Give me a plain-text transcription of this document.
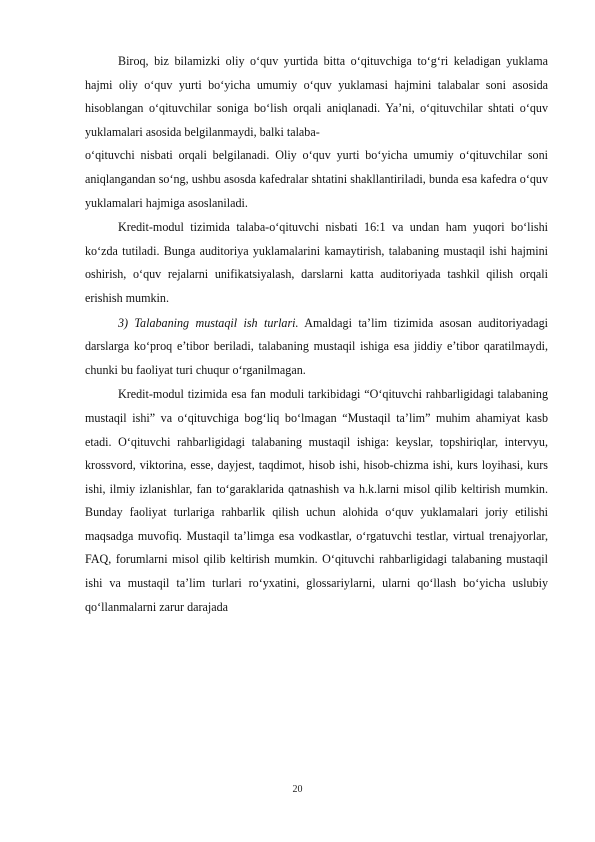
Biroq, biz bilamizki oliy o‘quv yurtida bitta o‘qituvchiga to‘g‘ri keladigan yuklama hajmi oliy o‘quv yurti bo‘yicha umumiy o‘quv yuklamasi hajmini talabalar soni asosida hisoblangan o‘qituvchilar soniga bo‘lish orqali aniqlanadi. Ya’ni, o‘qituvchilar shtati o‘quv yuklamalari asosida belgilanmaydi, balki talaba-

o‘qituvchi nisbati orqali belgilanadi. Oliy o‘quv yurti bo‘yicha umumiy o‘qituvchilar soni aniqlangandan so‘ng, ushbu asosda kafedralar shtatini shakllantiriladi, bunda esa kafedra o‘quv yuklamalari hajmiga asoslaniladi.

Kredit-modul tizimida talaba-o‘qituvchi nisbati 16:1 va undan ham yuqori bo‘lishi ko‘zda tutiladi. Bunga auditoriya yuklamalarini kamaytirish, talabaning mustaqil ishi hajmini oshirish, o‘quv rejalarni unifikatsiyalash, darslarni katta auditoriyada tashkil qilish orqali erishish mumkin.

3) Talabaning mustaqil ish turlari. Amaldagi ta’lim tizimida asosan auditoriyadagi darslarga ko‘proq e’tibor beriladi, talabaning mustaqil ishiga esa jiddiy e’tibor qaratilmaydi, chunki bu faoliyat turi chuqur o‘rganilmagan.

Kredit-modul tizimida esa fan moduli tarkibidagi “O‘qituvchi rahbarligidagi talabaning mustaqil ishi” va o‘qituvchiga bog‘liq bo‘lmagan “Mustaqil ta’lim” muhim ahamiyat kasb etadi. O‘qituvchi rahbarligidagi talabaning mustaqil ishiga: keyslar, topshiriqlar, intervyu, krossvord, viktorina, esse, dayjest, taqdimot, hisob ishi, hisob-chizma ishi, kurs loyihasi, kurs ishi, ilmiy izlanishlar, fan to‘garaklarida qatnashish va h.k.larni misol qilib keltirish mumkin. Bunday faoliyat turlariga rahbarlik qilish uchun alohida o‘quv yuklamalari joriy etilishi maqsadga muvofiq. Mustaqil ta’limga esa vodkastlar, o‘rgatuvchi testlar, virtual trenajyorlar, FAQ, forumlarni misol qilib keltirish mumkin. O‘qituvchi rahbarligidagi talabaning mustaqil ishi va mustaqil ta’lim turlari ro‘yxatini, glossariylarni, ularni qo‘llash bo‘yicha uslubiy qo‘llanmalarni zarur darajada

20
